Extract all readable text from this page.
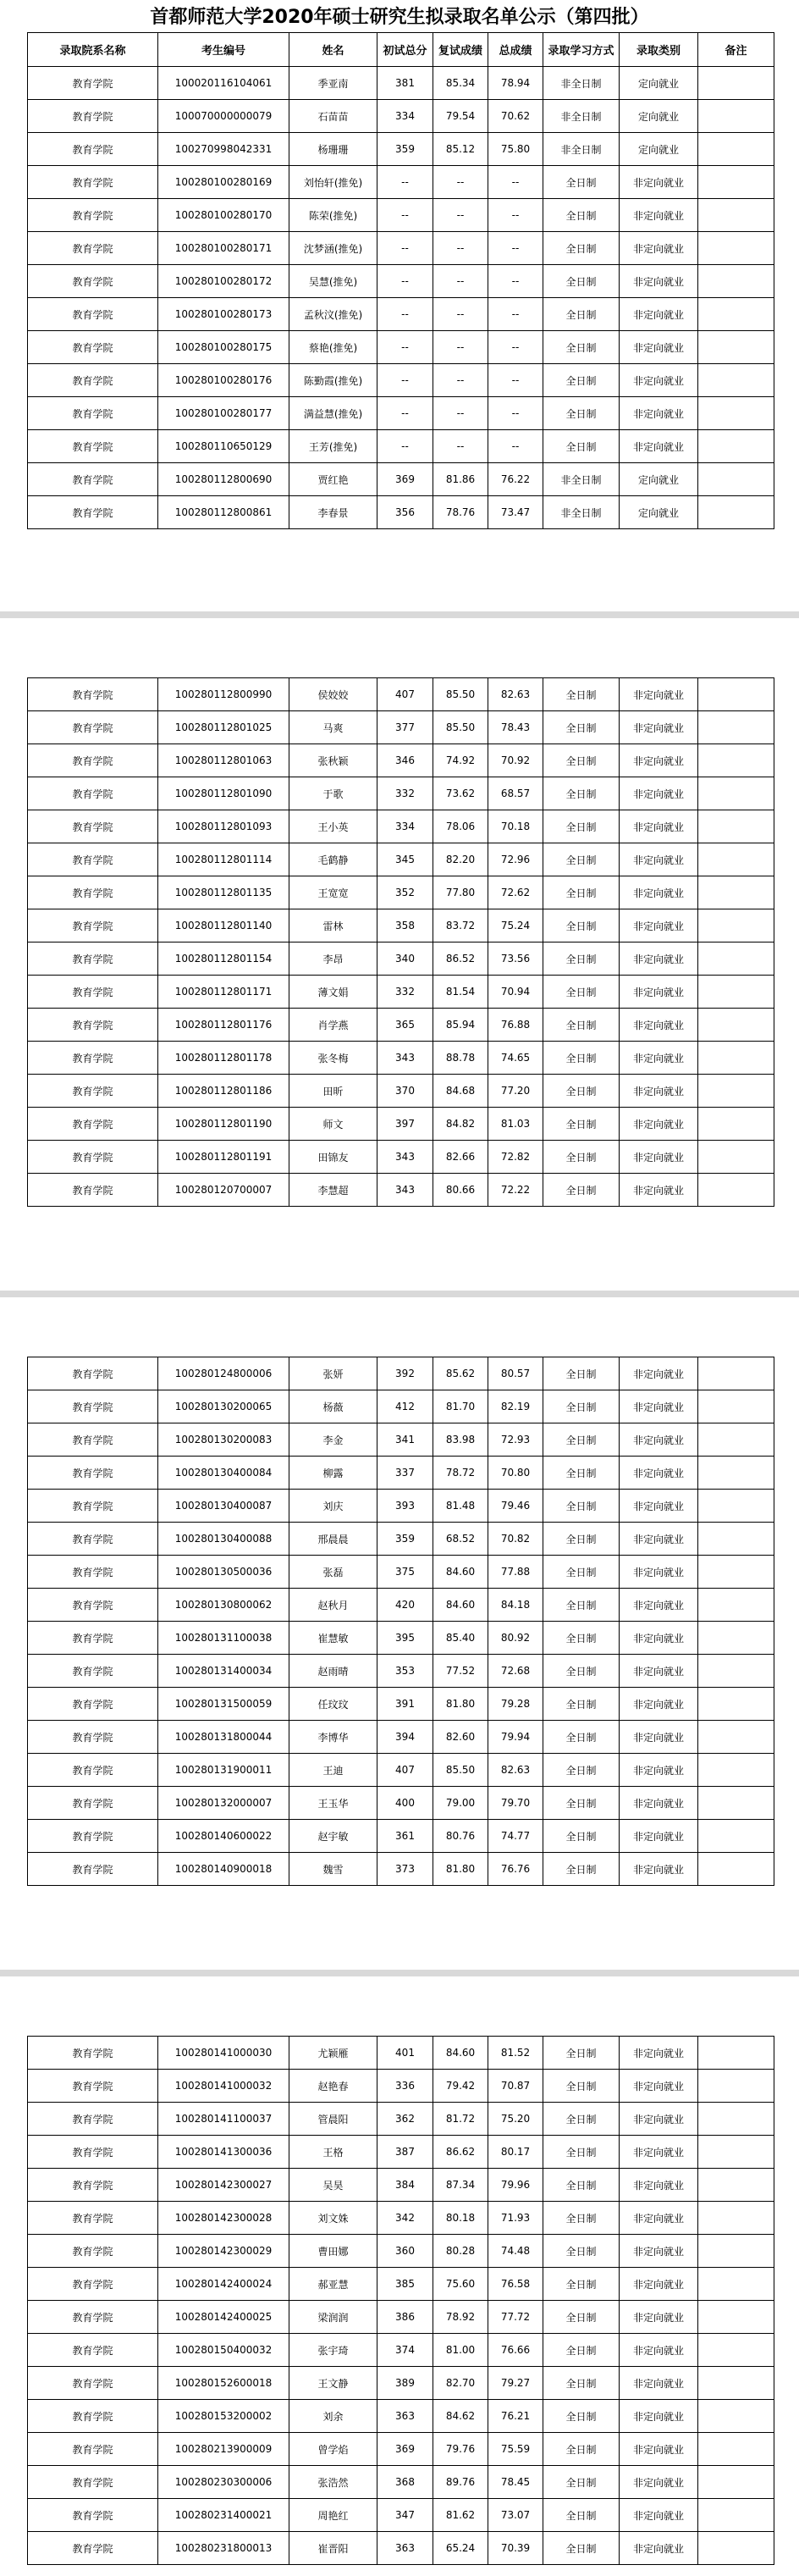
首都师范大学2020年硕士研究生拟录取名单公示（第四批）
录取院系名称	考生编号	姓名	初试总分	复试成绩	总成绩	录取学习方式	录取类别	备注
教育学院	100020116104061	季亚南	381	85.34	78.94	非全日制	定向就业	
教育学院	100070000000079	石苗苗	334	79.54	70.62	非全日制	定向就业	
教育学院	100270998042331	杨珊珊	359	85.12	75.80	非全日制	定向就业	
教育学院	100280100280169	刘怡轩(推免)	--	--	--	全日制	非定向就业	
教育学院	100280100280170	陈荣(推免)	--	--	--	全日制	非定向就业	
教育学院	100280100280171	沈梦涵(推免)	--	--	--	全日制	非定向就业	
教育学院	100280100280172	吴慧(推免)	--	--	--	全日制	非定向就业	
教育学院	100280100280173	孟秋汶(推免)	--	--	--	全日制	非定向就业	
教育学院	100280100280175	蔡艳(推免)	--	--	--	全日制	非定向就业	
教育学院	100280100280176	陈勤霞(推免)	--	--	--	全日制	非定向就业	
教育学院	100280100280177	满益慧(推免)	--	--	--	全日制	非定向就业	
教育学院	100280110650129	王芳(推免)	--	--	--	全日制	非定向就业	
教育学院	100280112800690	贾红艳	369	81.86	76.22	非全日制	定向就业	
教育学院	100280112800861	李春景	356	78.76	73.47	非全日制	定向就业	
教育学院	100280112800990	侯姣姣	407	85.50	82.63	全日制	非定向就业	
教育学院	100280112801025	马爽	377	85.50	78.43	全日制	非定向就业	
教育学院	100280112801063	张秋颖	346	74.92	70.92	全日制	非定向就业	
教育学院	100280112801090	于歌	332	73.62	68.57	全日制	非定向就业	
教育学院	100280112801093	王小英	334	78.06	70.18	全日制	非定向就业	
教育学院	100280112801114	毛鹤静	345	82.20	72.96	全日制	非定向就业	
教育学院	100280112801135	王宽宽	352	77.80	72.62	全日制	非定向就业	
教育学院	100280112801140	雷林	358	83.72	75.24	全日制	非定向就业	
教育学院	100280112801154	李昂	340	86.52	73.56	全日制	非定向就业	
教育学院	100280112801171	薄文娟	332	81.54	70.94	全日制	非定向就业	
教育学院	100280112801176	肖学燕	365	85.94	76.88	全日制	非定向就业	
教育学院	100280112801178	张冬梅	343	88.78	74.65	全日制	非定向就业	
教育学院	100280112801186	田昕	370	84.68	77.20	全日制	非定向就业	
教育学院	100280112801190	师文	397	84.82	81.03	全日制	非定向就业	
教育学院	100280112801191	田锦友	343	82.66	72.82	全日制	非定向就业	
教育学院	100280120700007	李慧超	343	80.66	72.22	全日制	非定向就业	
教育学院	100280124800006	张妍	392	85.62	80.57	全日制	非定向就业	
教育学院	100280130200065	杨薇	412	81.70	82.19	全日制	非定向就业	
教育学院	100280130200083	李金	341	83.98	72.93	全日制	非定向就业	
教育学院	100280130400084	柳露	337	78.72	70.80	全日制	非定向就业	
教育学院	100280130400087	刘庆	393	81.48	79.46	全日制	非定向就业	
教育学院	100280130400088	邢晨晨	359	68.52	70.82	全日制	非定向就业	
教育学院	100280130500036	张磊	375	84.60	77.88	全日制	非定向就业	
教育学院	100280130800062	赵秋月	420	84.60	84.18	全日制	非定向就业	
教育学院	100280131100038	崔慧敏	395	85.40	80.92	全日制	非定向就业	
教育学院	100280131400034	赵雨晴	353	77.52	72.68	全日制	非定向就业	
教育学院	100280131500059	任玟玟	391	81.80	79.28	全日制	非定向就业	
教育学院	100280131800044	李博华	394	82.60	79.94	全日制	非定向就业	
教育学院	100280131900011	王迪	407	85.50	82.63	全日制	非定向就业	
教育学院	100280132000007	王玉华	400	79.00	79.70	全日制	非定向就业	
教育学院	100280140600022	赵宇敏	361	80.76	74.77	全日制	非定向就业	
教育学院	100280140900018	魏雪	373	81.80	76.76	全日制	非定向就业	
教育学院	100280141000030	尤颖雁	401	84.60	81.52	全日制	非定向就业	
教育学院	100280141000032	赵艳春	336	79.42	70.87	全日制	非定向就业	
教育学院	100280141100037	管晨阳	362	81.72	75.20	全日制	非定向就业	
教育学院	100280141300036	王格	387	86.62	80.17	全日制	非定向就业	
教育学院	100280142300027	吴昊	384	87.34	79.96	全日制	非定向就业	
教育学院	100280142300028	刘文姝	342	80.18	71.93	全日制	非定向就业	
教育学院	100280142300029	曹田娜	360	80.28	74.48	全日制	非定向就业	
教育学院	100280142400024	郝亚慧	385	75.60	76.58	全日制	非定向就业	
教育学院	100280142400025	梁润润	386	78.92	77.72	全日制	非定向就业	
教育学院	100280150400032	张宇琦	374	81.00	76.66	全日制	非定向就业	
教育学院	100280152600018	王文静	389	82.70	79.27	全日制	非定向就业	
教育学院	100280153200002	刘余	363	84.62	76.21	全日制	非定向就业	
教育学院	100280213900009	曾学焰	369	79.76	75.59	全日制	非定向就业	
教育学院	100280230300006	张浩然	368	89.76	78.45	全日制	非定向就业	
教育学院	100280231400021	周艳红	347	81.62	73.07	全日制	非定向就业	
教育学院	100280231800013	崔晋阳	363	65.24	70.39	全日制	非定向就业	
